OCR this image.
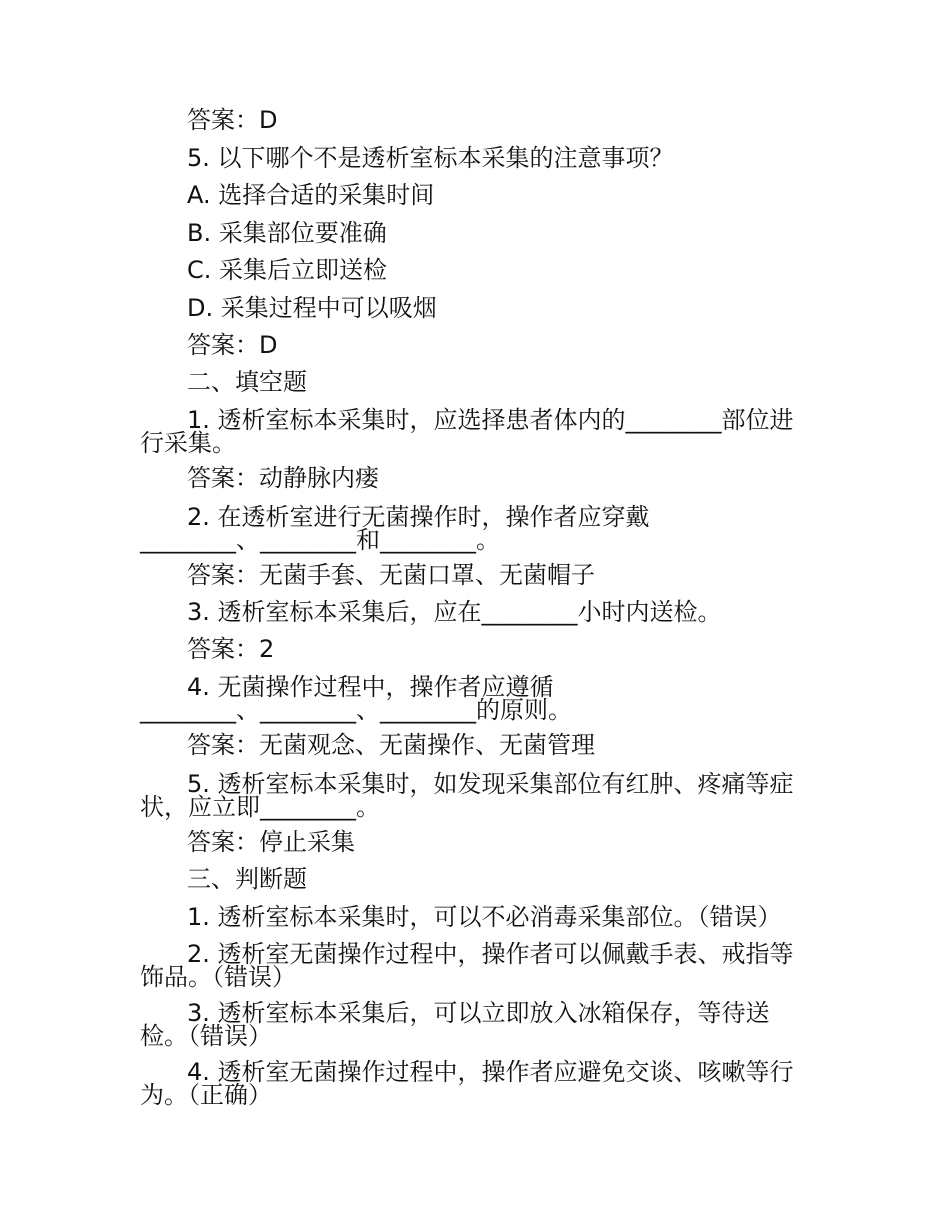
答案：D
5. 以下哪个不是透析室标本采集的注意事项？
A. 选择合适的采集时间
B. 采集部位要准确
C. 采集后立即送检
D. 采集过程中可以吸烟
答案：D
二、填空题
1. 透析室标本采集时，应选择患者体内的________部位进
行采集。
答案：动静脉内瘘
2. 在透析室进行无菌操作时，操作者应穿戴
________、________和________。
答案：无菌手套、无菌口罩、无菌帽子
3. 透析室标本采集后，应在________小时内送检。
答案：2
4. 无菌操作过程中，操作者应遵循
________、________、________的原则。
答案：无菌观念、无菌操作、无菌管理
5. 透析室标本采集时，如发现采集部位有红肿、疼痛等症
状，应立即________。
答案：停止采集
三、判断题
1. 透析室标本采集时，可以不必消毒采集部位。（错误）
2. 透析室无菌操作过程中，操作者可以佩戴手表、戒指等
饰品。（错误）
3. 透析室标本采集后，可以立即放入冰箱保存，等待送
检。（错误）
4. 透析室无菌操作过程中，操作者应避免交谈、咳嗽等行
为。（正确）
